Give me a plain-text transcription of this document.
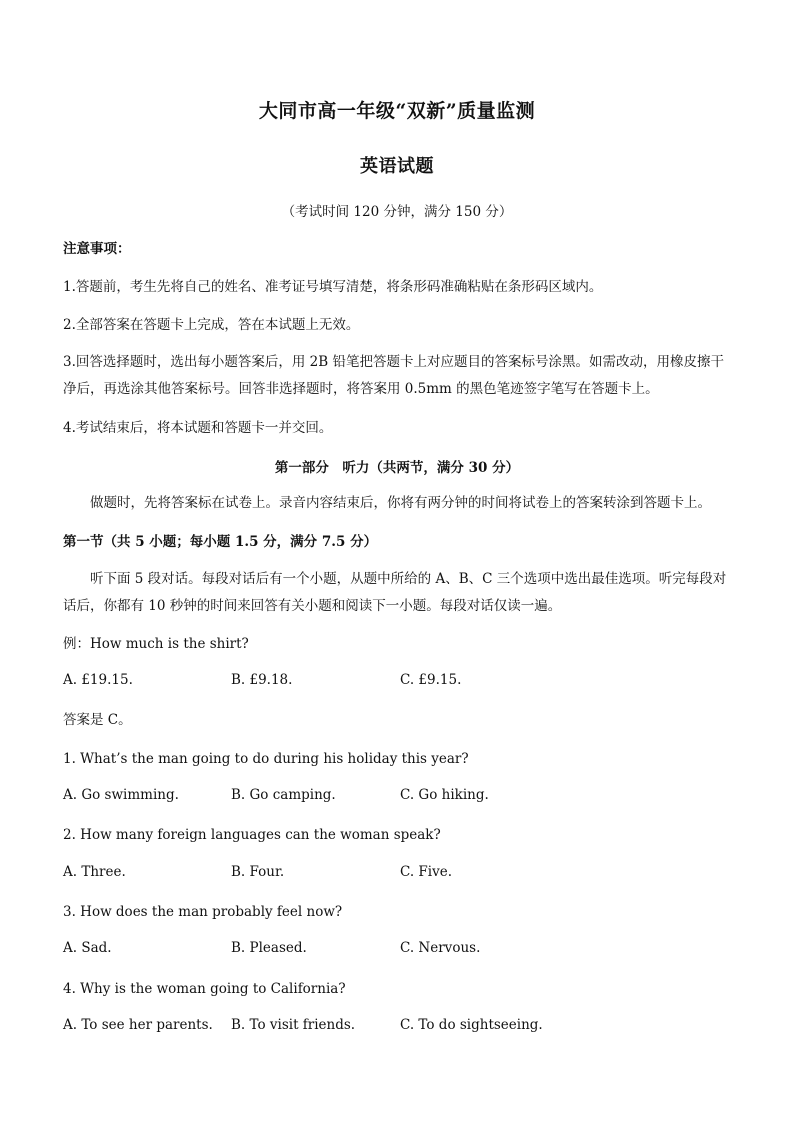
大同市高一年级“双新”质量监测
英语试题
（考试时间 120 分钟，满分 150 分）
注意事项：
1.答题前，考生先将自己的姓名、准考证号填写清楚，将条形码准确粘贴在条形码区域内。
2.全部答案在答题卡上完成，答在本试题上无效。
3.回答选择题时，选出每小题答案后，用 2B 铅笔把答题卡上对应题目的答案标号涂黑。如需改动，用橡皮擦干净后，再选涂其他答案标号。回答非选择题时，将答案用 0.5mm 的黑色笔迹签字笔写在答题卡上。
4.考试结束后，将本试题和答题卡一并交回。
第一部分　听力（共两节，满分 30 分）
做题时，先将答案标在试卷上。录音内容结束后，你将有两分钟的时间将试卷上的答案转涂到答题卡上。
第一节（共 5 小题；每小题 1.5 分，满分 7.5 分）
听下面 5 段对话。每段对话后有一个小题，从题中所给的 A、B、C 三个选项中选出最佳选项。听完每段对话后，你都有 10 秒钟的时间来回答有关小题和阅读下一小题。每段对话仅读一遍。
例：How much is the shirt?
A. £19.15.	B. £9.18.	C. £9.15.
答案是 C。
1. What’s the man going to do during his holiday this year?
A. Go swimming.	B. Go camping.	C. Go hiking.
2. How many foreign languages can the woman speak?
A. Three.	B. Four.	C. Five.
3. How does the man probably feel now?
A. Sad.	B. Pleased.	C. Nervous.
4. Why is the woman going to California?
A. To see her parents. B. To visit friends.	C. To do sightseeing.
